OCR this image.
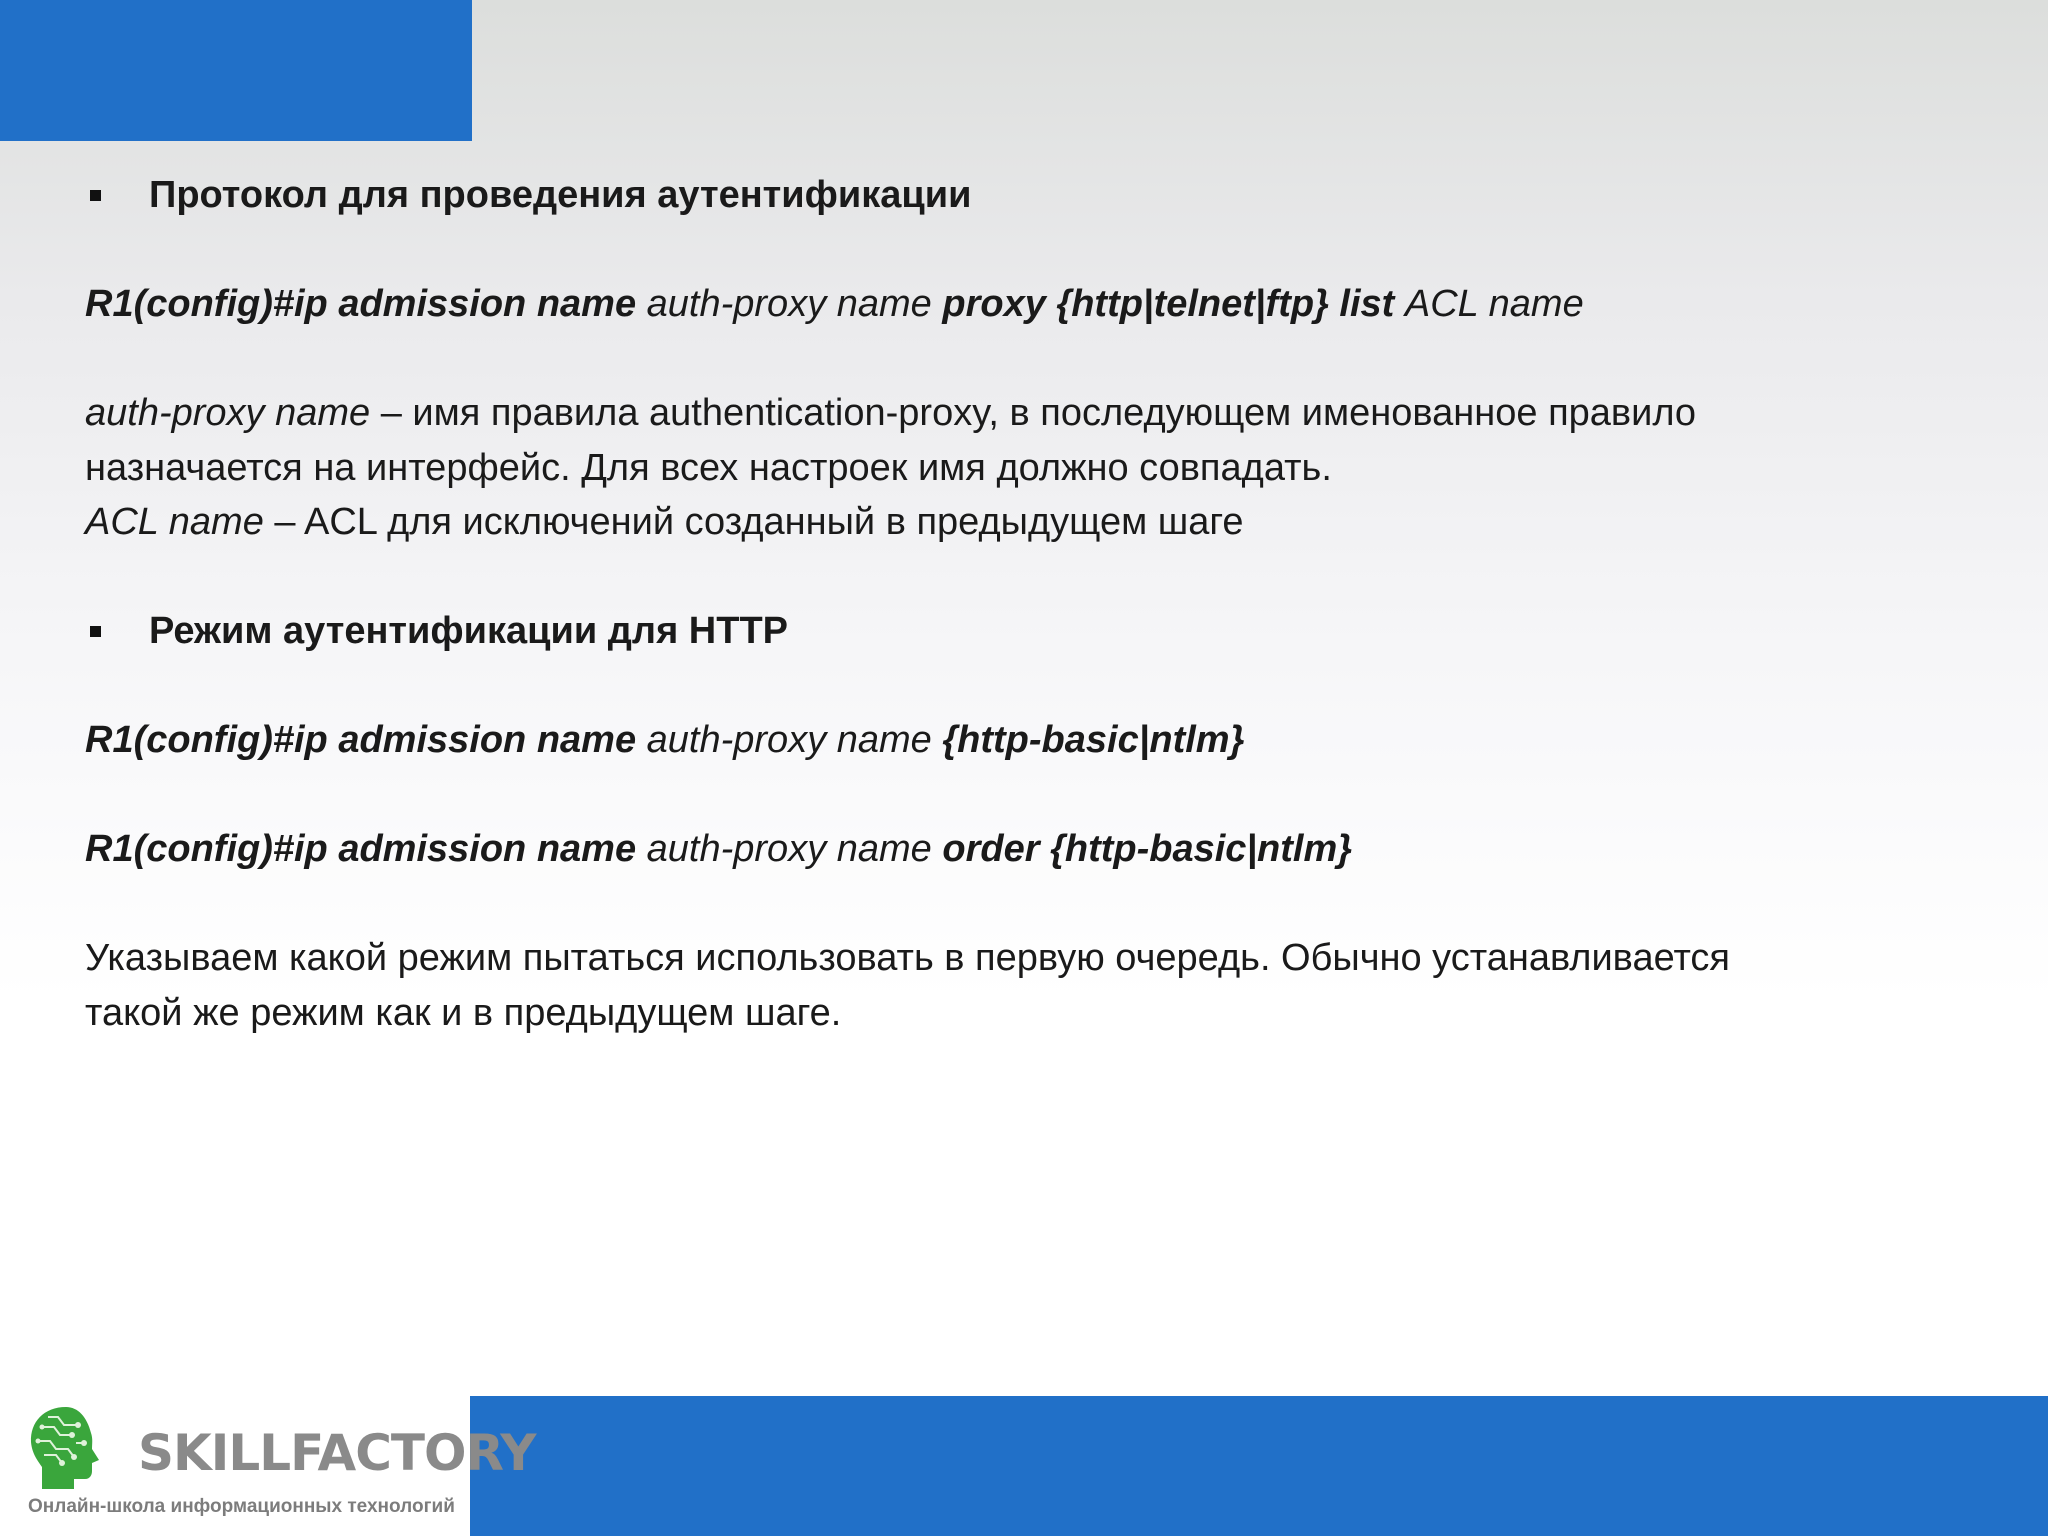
Протокол для проведения аутентификации
R1(config)#ip admission name auth-proxy name proxy {http|telnet|ftp} list ACL name
auth-proxy name – имя правила authentication-proxy, в последующем именованное правило
назначается на интерфейс. Для всех настроек имя должно совпадать.
ACL name – ACL для исключений созданный в предыдущем шаге
Режим аутентификации для HTTP
R1(config)#ip admission name auth-proxy name {http-basic|ntlm}
R1(config)#ip admission name auth-proxy name order {http-basic|ntlm}
Указываем какой режим пытаться использовать в первую очередь. Обычно устанавливается
такой же режим как и в предыдущем шаге.
SKILLFACTORY
Онлайн-школа информационных технологий
